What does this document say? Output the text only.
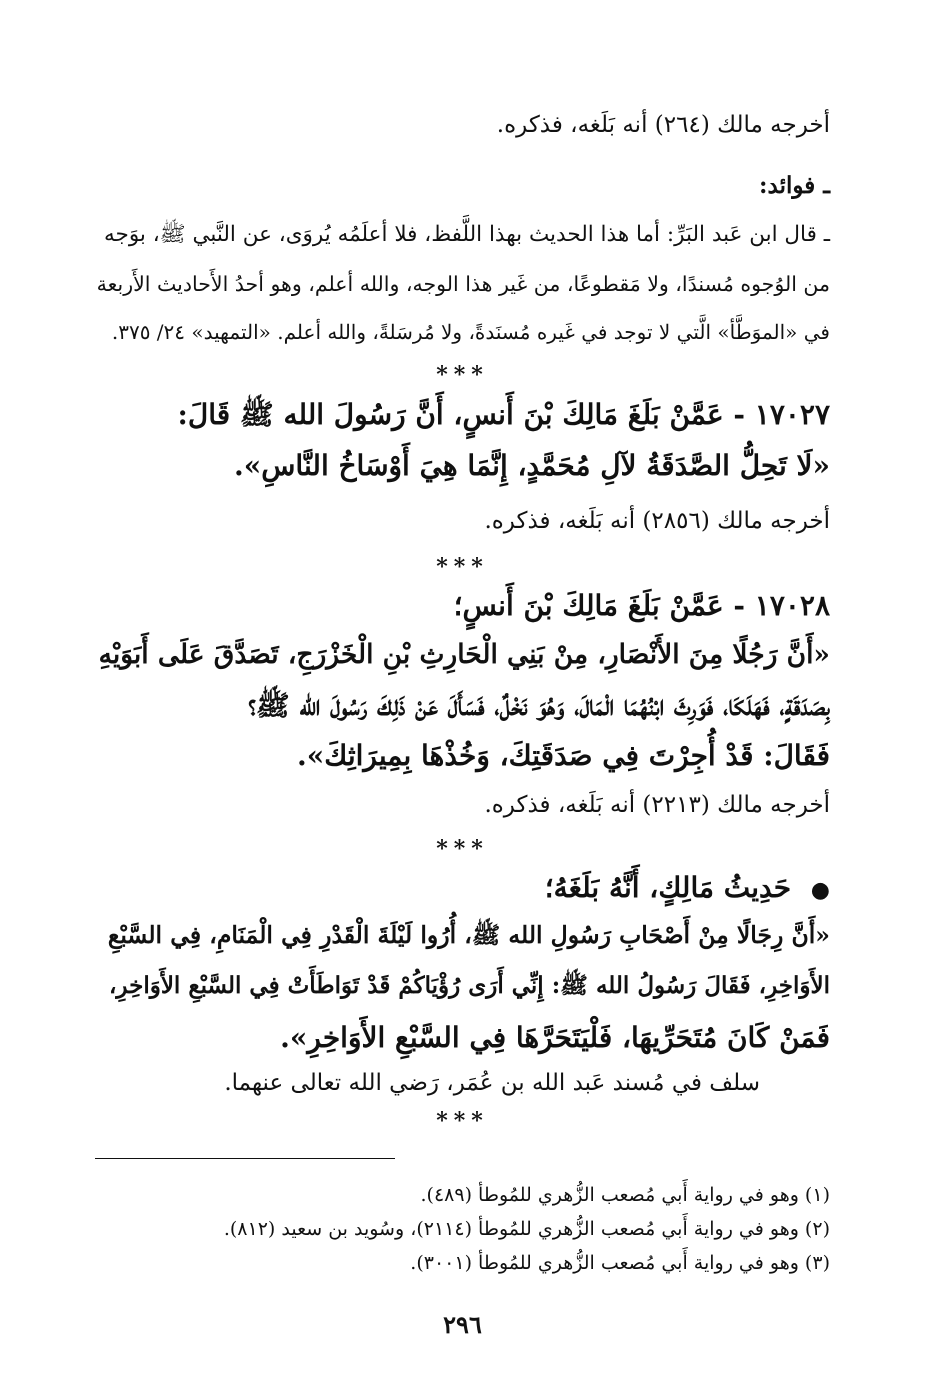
أخرجه مالك (٢٦٤) أنه بَلَغه، فذكره.
ـ فوائد:
ـ قال ابن عَبد البَرِّ: أما هذا الحديث بهذا اللَّفظ، فلا أعلَمُه يُروَى، عن النَّبي ﷺ، بوَجه
من الوُجوه مُسندًا، ولا مَقطوعًا، من غَير هذا الوجه، والله أعلم، وهو أحدُ الأَحاديث الأَربعة
في «الموَطَّأ» الَّتي لا توجد في غَيره مُسنَدةً، ولا مُرسَلةً، والله أعلم. «التمهيد» ٢٤/ ٣٧٥.
***
١٧٠٢٧ - عَمَّنْ بَلَغَ مَالِكَ بْنَ أَنسٍ، أَنَّ رَسُولَ الله ﷺ قَالَ:
«لَا تَحِلُّ الصَّدَقَةُ لآلِ مُحَمَّدٍ، إِنَّمَا هِيَ أَوْسَاخُ النَّاسِ».
أخرجه مالك (٢٨٥٦) أنه بَلَغه، فذكره.
***
١٧٠٢٨ - عَمَّنْ بَلَغَ مَالِكَ بْنَ أَنسٍ؛
«أَنَّ رَجُلًا مِنَ الأَنْصَارِ، مِنْ بَنِي الْحَارِثِ بْنِ الْخَزْرَجِ، تَصَدَّقَ عَلَى أَبَوَيْهِ
بِصَدَقَةٍ، فَهَلَكَا، فَوَرِثَ ابْنُهُمَا الْمَالَ، وَهُوَ نَخْلٌ، فَسَأَلَ عَنْ ذَلِكَ رَسُولَ الله ﷺ؟
فَقَالَ: قَدْ أُجِرْتَ فِي صَدَقَتِكَ، وَخُذْهَا بِمِيرَاثِكَ».
أخرجه مالك (٢٢١٣) أنه بَلَغه، فذكره.
***
● حَدِيثُ مَالِكٍ، أَنَّهُ بَلَغَهُ؛
«أَنَّ رِجَالًا مِنْ أَصْحَابِ رَسُولِ الله ﷺ، أُرُوا لَيْلَةَ الْقَدْرِ فِي الْمَنَامِ، فِي السَّبْعِ
الأَوَاخِرِ، فَقَالَ رَسُولُ الله ﷺ: إِنِّي أَرَى رُؤْيَاكُمْ قَدْ تَوَاطَأَتْ فِي السَّبْعِ الأَوَاخِرِ،
فَمَنْ كَانَ مُتَحَرِّيهَا، فَلْيَتَحَرَّهَا فِي السَّبْعِ الأَوَاخِرِ».
سلف في مُسند عَبد الله بن عُمَر، رَضي الله تعالى عنهما.
***
(١) وهو في رواية أَبي مُصعب الزُّهري للمُوطأ (٤٨٩).
(٢) وهو في رواية أَبي مُصعب الزُّهري للمُوطأ (٢١١٤)، وسُويد بن سعيد (٨١٢).
(٣) وهو في رواية أَبي مُصعب الزُّهري للمُوطأ (٣٠٠١).
٢٩٦
